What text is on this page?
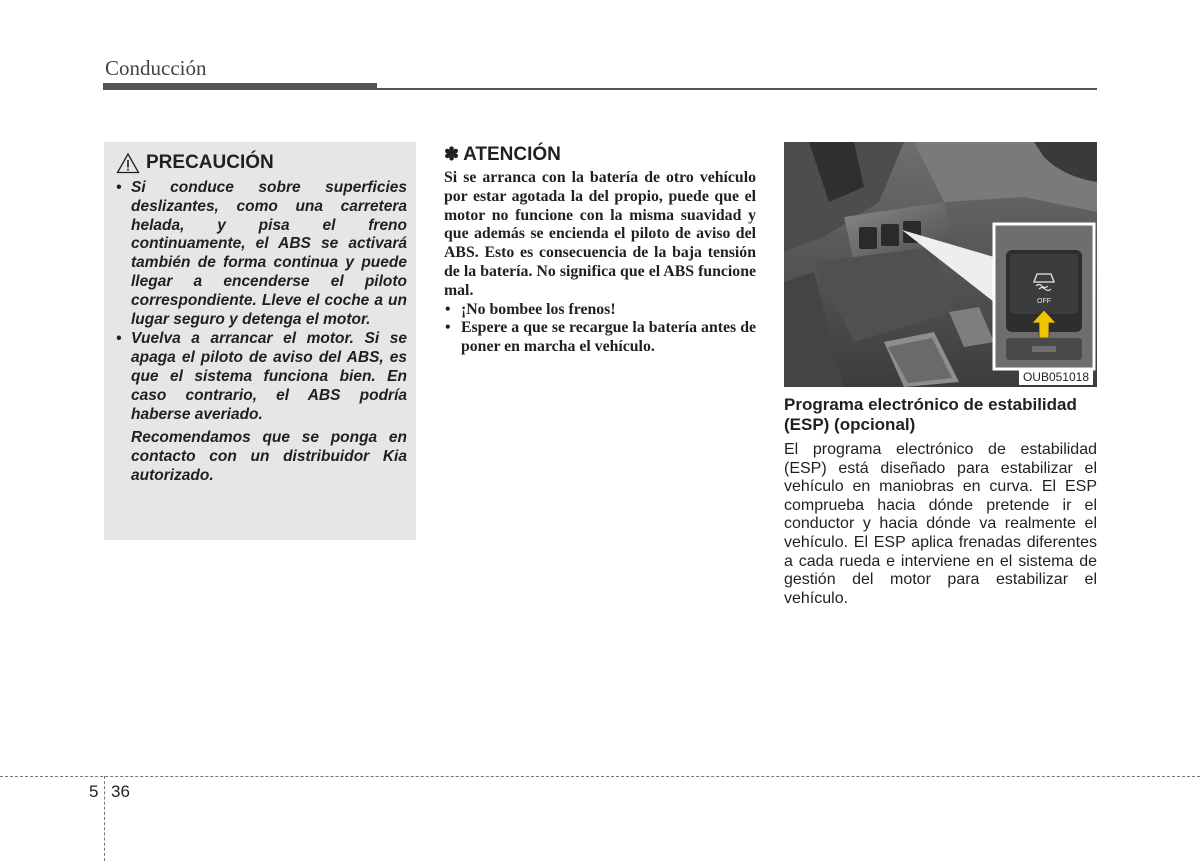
Conducción
PRECAUCIÓN
• Si conduce sobre superficies deslizantes, como una carretera helada, y pisa el freno continuamente, el ABS se activará también de forma continua y puede llegar a encenderse el piloto correspondiente. Lleve el coche a un lugar seguro y detenga el motor.
• Vuelva a arrancar el motor. Si se apaga el piloto de aviso del ABS, es que el sistema funciona bien. En caso contrario, el ABS podría haberse averiado.
Recomendamos que se ponga en contacto con un distribuidor Kia autorizado.
✽ ATENCIÓN

Si se arranca con la batería de otro vehículo por estar agotada la del propio, puede que el motor no funcione con la misma suavidad y que además se encienda el piloto de aviso del ABS. Esto es consecuencia de la baja tensión de la batería. No significa que el ABS funcione mal.

• ¡No bombee los frenos!
• Espere a que se recargue la batería antes de poner en marcha el vehículo.
OFF
OUB051018
Programa electrónico de estabilidad (ESP) (opcional)

El programa electrónico de estabilidad (ESP) está diseñado para estabilizar el vehículo en maniobras en curva. El ESP comprueba hacia dónde pretende ir el conductor y hacia dónde va realmente el vehículo. El ESP aplica frenadas diferentes a cada rueda e interviene en el sistema de gestión del motor para estabilizar el vehículo.

5 36
